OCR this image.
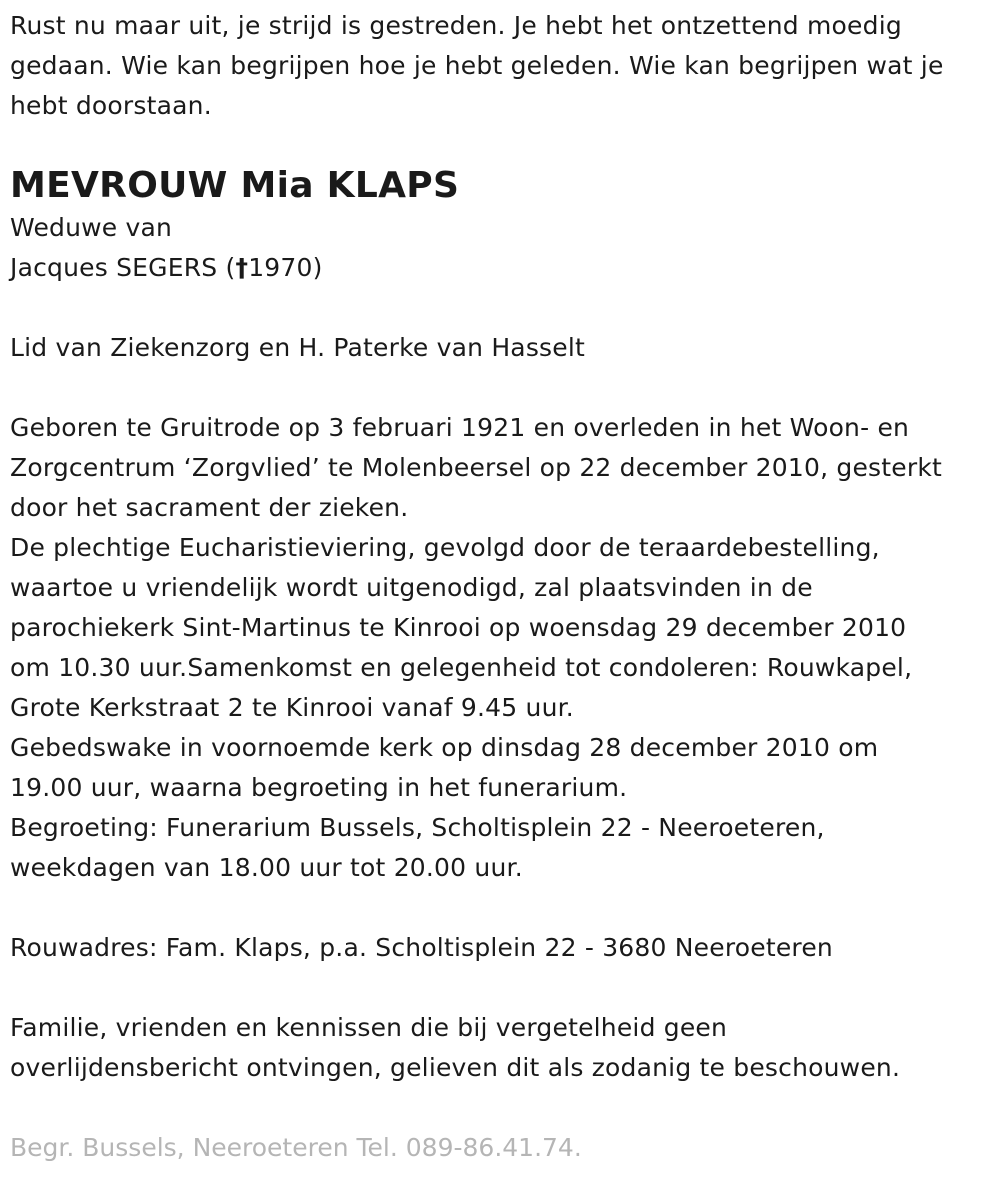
Rust nu maar uit, je strijd is gestreden. Je hebt het ontzettend moedig

gedaan. Wie kan begrijpen hoe je hebt geleden. Wie kan begrijpen wat je

hebt doorstaan.

MEVROUW Mia KLAPS

Weduwe van

Jacques SEGERS (†1970)

Lid van Ziekenzorg en H. Paterke van Hasselt

Geboren te Gruitrode op 3 februari 1921 en overleden in het Woon- en

Zorgcentrum ‘Zorgvlied’ te Molenbeersel op 22 december 2010, gesterkt

door het sacrament der zieken.

De plechtige Eucharistieviering, gevolgd door de teraardebestelling,

waartoe u vriendelijk wordt uitgenodigd, zal plaatsvinden in de

parochiekerk Sint-Martinus te Kinrooi op woensdag 29 december 2010

om 10.30 uur.Samenkomst en gelegenheid tot condoleren: Rouwkapel,

Grote Kerkstraat 2 te Kinrooi vanaf 9.45 uur.

Gebedswake in voornoemde kerk op dinsdag 28 december 2010 om

19.00 uur, waarna begroeting in het funerarium.

Begroeting: Funerarium Bussels, Scholtisplein 22 - Neeroeteren,

weekdagen van 18.00 uur tot 20.00 uur.

Rouwadres: Fam. Klaps, p.a. Scholtisplein 22 - 3680 Neeroeteren

Familie, vrienden en kennissen die bij vergetelheid geen

overlijdensbericht ontvingen, gelieven dit als zodanig te beschouwen.

Begr. Bussels, Neeroeteren Tel. 089-86.41.74.
